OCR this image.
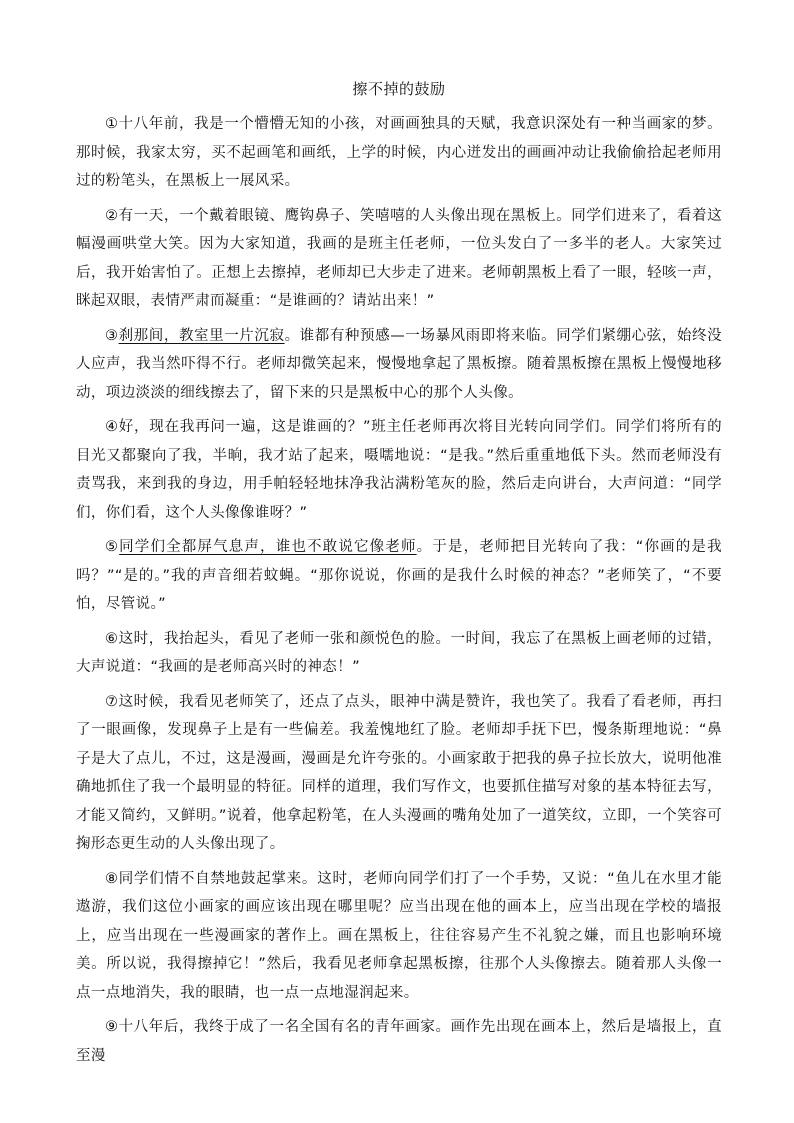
擦不掉的鼓励

①十八年前，我是一个懵懵无知的小孩，对画画独具的天赋，我意识深处有一种当画家的梦。那时候，我家太穷，买不起画笔和画纸，上学的时候，内心迸发出的画画冲动让我偷偷拾起老师用过的粉笔头，在黑板上一展风采。

②有一天，一个戴着眼镜、鹰钩鼻子、笑嘻嘻的人头像出现在黑板上。同学们进来了，看着这幅漫画哄堂大笑。因为大家知道，我画的是班主任老师，一位头发白了一多半的老人。大家笑过后，我开始害怕了。正想上去擦掉，老师却已大步走了进来。老师朝黑板上看了一眼，轻咳一声，眯起双眼，表情严肃而凝重：“是谁画的？请站出来！”

③刹那间，教室里一片沉寂。谁都有种预感—一场暴风雨即将来临。同学们紧绷心弦，始终没人应声，我当然吓得不行。老师却微笑起来，慢慢地拿起了黑板擦。随着黑板擦在黑板上慢慢地移动，项边淡淡的细线擦去了，留下来的只是黑板中心的那个人头像。

④好，现在我再问一遍，这是谁画的？”班主任老师再次将目光转向同学们。同学们将所有的目光又都聚向了我，半晌，我才站了起来，嗫嚅地说：“是我。”然后重重地低下头。然而老师没有责骂我，来到我的身边，用手帕轻轻地抹净我沾满粉笔灰的脸，然后走向讲台，大声问道：“同学们，你们看，这个人头像像谁呀？”

⑤同学们全都屏气息声，谁也不敢说它像老师。于是，老师把目光转向了我：“你画的是我吗？”“是的。”我的声音细若蚊蝇。“那你说说，你画的是我什么时候的神态？”老师笑了，“不要怕，尽管说。”

⑥这时，我抬起头，看见了老师一张和颜悦色的脸。一时间，我忘了在黑板上画老师的过错，大声说道：“我画的是老师高兴时的神态！”

⑦这时候，我看见老师笑了，还点了点头，眼神中满是赞许，我也笑了。我看了看老师，再扫了一眼画像，发现鼻子上是有一些偏差。我羞愧地红了脸。老师却手抚下巴，慢条斯理地说：“鼻子是大了点儿，不过，这是漫画，漫画是允许夸张的。小画家敢于把我的鼻子拉长放大，说明他准确地抓住了我一个最明显的特征。同样的道理，我们写作文，也要抓住描写对象的基本特征去写，才能又简约，又鲜明。”说着，他拿起粉笔，在人头漫画的嘴角处加了一道笑纹，立即，一个笑容可掬形态更生动的人头像出现了。

⑧同学们情不自禁地鼓起掌来。这时，老师向同学们打了一个手势，又说：“鱼儿在水里才能遨游，我们这位小画家的画应该出现在哪里呢？应当出现在他的画本上，应当出现在学校的墙报上，应当出现在一些漫画家的著作上。画在黑板上，往往容易产生不礼貌之嫌，而且也影响环境美。所以说，我得擦掉它！”然后，我看见老师拿起黑板擦，往那个人头像擦去。随着那人头像一点一点地消失，我的眼睛，也一点一点地湿润起来。

⑨十八年后，我终于成了一名全国有名的青年画家。画作先出现在画本上，然后是墙报上，直至漫
